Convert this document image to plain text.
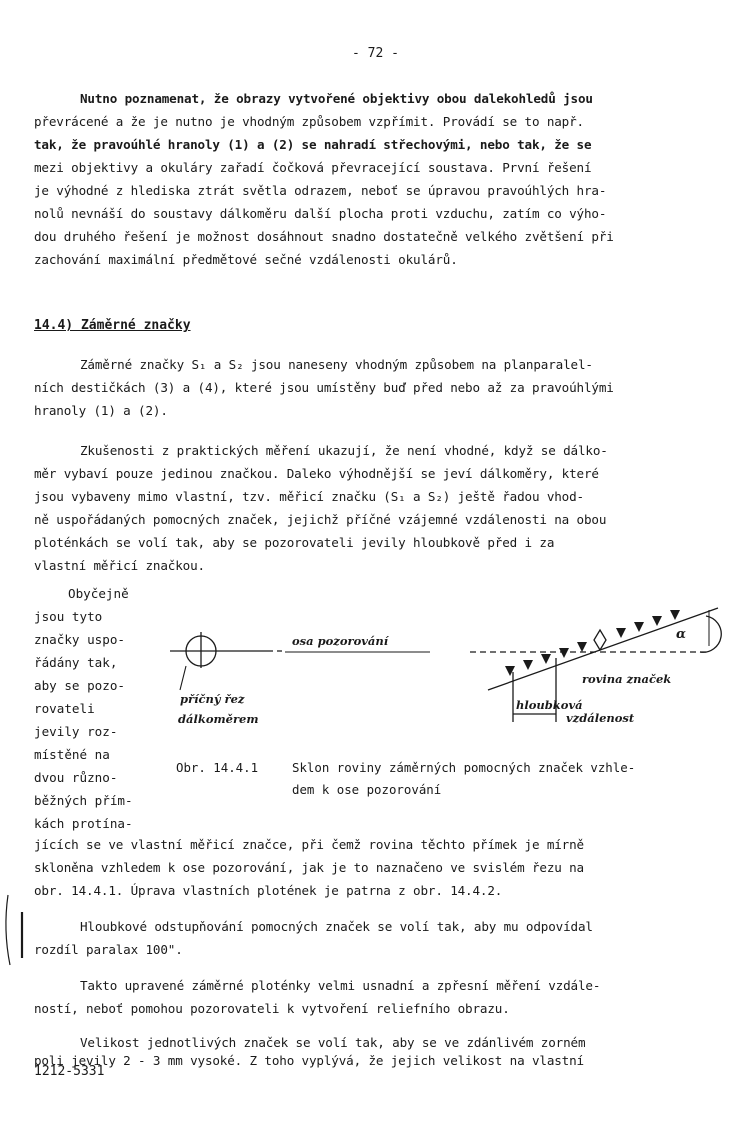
- 72 -
Nutno poznamenat, že obrazy vytvořené objektivy obou dalekohledů jsou
převrácené a že je nutno je vhodným způsobem vzpřímit. Provádí se to např.
tak, že pravoúhlé hranoly (1) a (2) se nahradí střechovými, nebo tak, že se
mezi objektivy a okuláry zařadí čočková převracející soustava. První řešení
je výhodné z hlediska ztrát světla odrazem, neboť se úpravou pravoúhlých hra-
nolů nevnáší do soustavy dálkoměru další plocha proti vzduchu, zatím co výho-
dou druhého řešení je možnost dosáhnout snadno dostatečně velkého zvětšení při
zachování maximální předmětové sečné vzdálenosti okulárů.
14.4) Záměrné značky
Záměrné značky S₁ a S₂ jsou naneseny vhodným způsobem na planparalel-
ních destičkách (3) a (4), které jsou umístěny buď před nebo až za pravoúhlými
hranoly (1) a (2).
Zkušenosti z praktických měření ukazují, že není vhodné, když se dálko-
měr vybaví pouze jedinou značkou. Daleko výhodnější se jeví dálkoměry, které
jsou vybaveny mimo vlastní, tzv. měřicí značku (S₁ a S₂) ještě řadou vhod-
ně uspořádaných pomocných značek, jejichž příčné vzájemné vzdálenosti na obou
ploténkách se volí tak, aby se pozorovateli jevily hloubkově před i za
vlastní měřicí značkou.
Obyčejně
jsou tyto
značky uspo-
řádány tak,
aby se pozo-
rovateli
jevily roz-
místěné na
dvou různo-
běžných přím-
kách protína-
osa pozorování
příčný řez
dálkoměrem
rovina značek
hloubková
vzdálenost
α
Obr. 14.4.1	Sklon roviny záměrných pomocných značek vzhle-
dem k ose pozorování
jících se ve vlastní měřicí značce, při čemž rovina těchto přímek je mírně
skloněna vzhledem k ose pozorování, jak je to naznačeno ve svislém řezu na
obr. 14.4.1. Úprava vlastních plotének je patrna z obr. 14.4.2.
Hloubkové odstupňování pomocných značek se volí tak, aby mu odpovídal
rozdíl paralax 100".
Takto upravené záměrné ploténky velmi usnadní a zpřesní měření vzdále-
ností, neboť pomohou pozorovateli k vytvoření reliefního obrazu.
Velikost jednotlivých značek se volí tak, aby se ve zdánlivém zorném
poli jevily 2 - 3 mm vysoké. Z toho vyplývá, že jejich velikost na vlastní
1212-5331
